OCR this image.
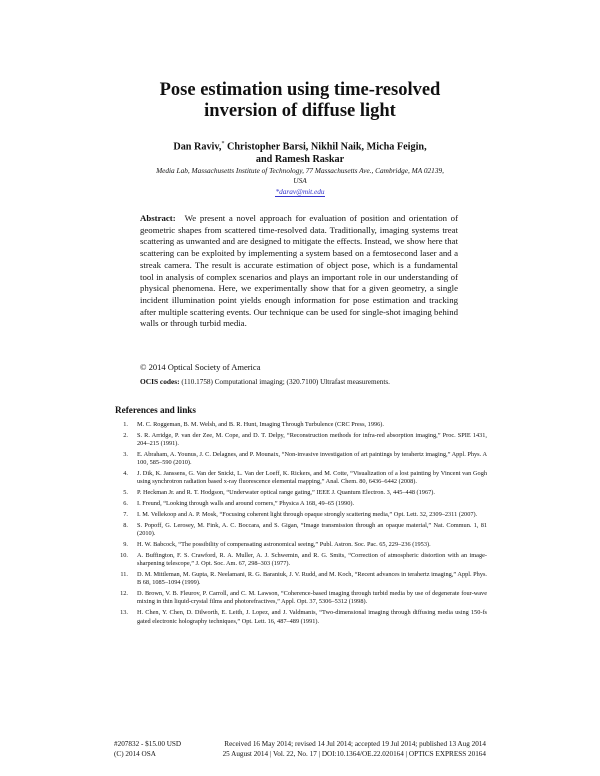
Pose estimation using time-resolved
inversion of diffuse light
Dan Raviv,* Christopher Barsi, Nikhil Naik, Micha Feigin,
and Ramesh Raskar
Media Lab, Massachusetts Institute of Technology, 77 Massachusetts Ave., Cambridge, MA 02139, USA
*darav@mit.edu
Abstract: We present a novel approach for evaluation of position and orientation of geometric shapes from scattered time-resolved data. Traditionally, imaging systems treat scattering as unwanted and are designed to mitigate the effects. Instead, we show here that scattering can be exploited by implementing a system based on a femtosecond laser and a streak camera. The result is accurate estimation of object pose, which is a fundamental tool in analysis of complex scenarios and plays an important role in our understanding of physical phenomena. Here, we experimentally show that for a given geometry, a single incident illumination point yields enough information for pose estimation and tracking after multiple scattering events. Our technique can be used for single-shot imaging behind walls or through turbid media.
© 2014 Optical Society of America
OCIS codes: (110.1758) Computational imaging; (320.7100) Ultrafast measurements.
References and links
1. M. C. Roggeman, B. M. Welsh, and B. R. Hunt, Imaging Through Turbulence (CRC Press, 1996).
2. S. R. Arridge, P. van der Zee, M. Cope, and D. T. Delpy, “Reconstruction methods for infra-red absorption imaging,” Proc. SPIE 1431, 204–215 (1991).
3. E. Abraham, A. Younus, J. C. Delagnes, and P. Mounaix, “Non-invasive investigation of art paintings by terahertz imaging,” Appl. Phys. A 100, 585–590 (2010).
4. J. Dik, K. Janssens, G. Van der Snickt, L. Van der Loeff, K. Rickers, and M. Cotte, “Visualization of a lost painting by Vincent van Gogh using synchrotron radiation based x-ray fluorescence elemental mapping,” Anal. Chem. 80, 6436–6442 (2008).
5. P. Heckman Jr. and R. T. Hodgson, “Underwater optical range gating,” IEEE J. Quantum Electron. 3, 445–448 (1967).
6. I. Freund, “Looking through walls and around corners,” Physica A 168, 49–65 (1990).
7. I. M. Vellekoop and A. P. Mosk, “Focusing coherent light through opaque strongly scattering media,” Opt. Lett. 32, 2309–2311 (2007).
8. S. Popoff, G. Lerosey, M. Fink, A. C. Boccara, and S. Gigan, “Image transmission through an opaque material,” Nat. Commun. 1, 81 (2010).
9. H. W. Babcock, “The possibility of compensating astronomical seeing,” Publ. Astron. Soc. Pac. 65, 229–236 (1953).
10. A. Buffington, F. S. Crawford, R. A. Muller, A. J. Schwemin, and R. G. Smits, “Correction of atmospheric distortion with an image-sharpening telescope,” J. Opt. Soc. Am. 67, 298–303 (1977).
11. D. M. Mittleman, M. Gupta, R. Neelamani, R. G. Baraniuk, J. V. Rudd, and M. Koch, “Recent advances in terahertz imaging,” Appl. Phys. B 68, 1085–1094 (1999).
12. D. Brown, V. B. Fleurov, P. Carroll, and C. M. Lawson, “Coherence-based imaging through turbid media by use of degenerate four-wave mixing in thin liquid-crystal films and photorefractives,” Appl. Opt. 37, 5306–5312 (1998).
13. H. Chen, Y. Chen, D. Dilworth, E. Leith, J. Lopez, and J. Valdmanis, “Two-dimensional imaging through diffusing media using 150-fs gated electronic holography techniques,” Opt. Lett. 16, 487–489 (1991).
#207832 - $15.00 USD	Received 16 May 2014; revised 14 Jul 2014; accepted 19 Jul 2014; published 13 Aug 2014
(C) 2014 OSA	25 August 2014 | Vol. 22, No. 17 | DOI:10.1364/OE.22.020164 | OPTICS EXPRESS 20164
